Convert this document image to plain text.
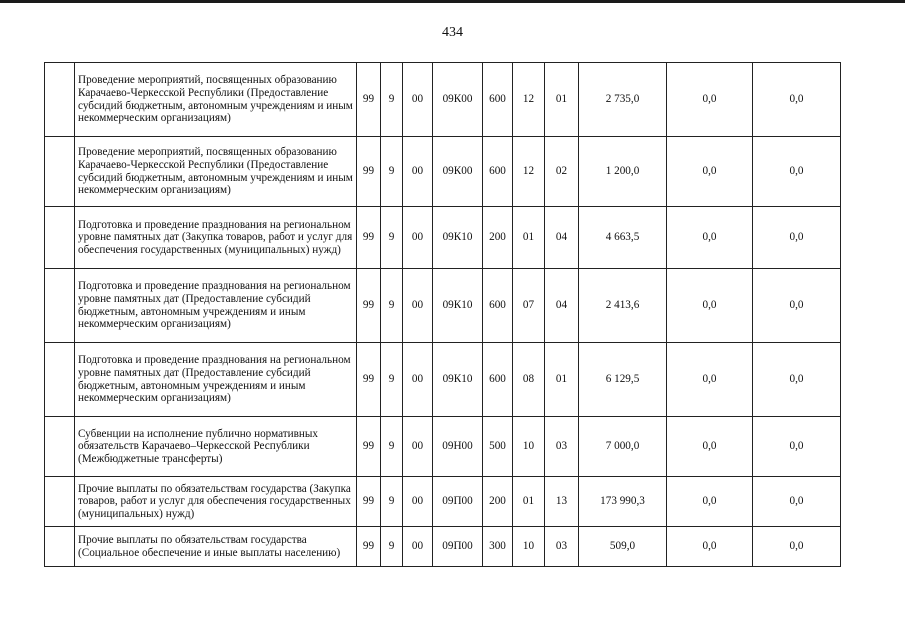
434
	Проведение мероприятий, посвященных образованию Карачаево-Черкесской Республики (Предоставление субсидий бюджетным, автономным учреждениям и иным некоммерческим организациям)	99	9	00	09К00	600	12	01	2 735,0	0,0	0,0
	Проведение мероприятий, посвященных образованию Карачаево-Черкесской Республики (Предоставление субсидий бюджетным, автономным учреждениям и иным некоммерческим организациям)	99	9	00	09К00	600	12	02	1 200,0	0,0	0,0
	Подготовка и проведение празднования на региональном уровне памятных дат (Закупка товаров, работ и услуг для обеспечения государственных (муниципальных) нужд)	99	9	00	09К10	200	01	04	4 663,5	0,0	0,0
	Подготовка и проведение празднования на региональном уровне памятных дат (Предоставление субсидий бюджетным, автономным учреждениям и иным некоммерческим организациям)	99	9	00	09К10	600	07	04	2 413,6	0,0	0,0
	Подготовка и проведение празднования на региональном уровне памятных дат (Предоставление субсидий бюджетным, автономным учреждениям и иным некоммерческим организациям)	99	9	00	09К10	600	08	01	6 129,5	0,0	0,0
	Субвенции на исполнение публично нормативных обязательств Карачаево–Черкесской Республики (Межбюджетные трансферты)	99	9	00	09Н00	500	10	03	7 000,0	0,0	0,0
	Прочие выплаты по обязательствам государства (Закупка товаров, работ и услуг для обеспечения государственных (муниципальных) нужд)	99	9	00	09П00	200	01	13	173 990,3	0,0	0,0
	Прочие выплаты по обязательствам государства (Социальное обеспечение и иные выплаты населению)	99	9	00	09П00	300	10	03	509,0	0,0	0,0
